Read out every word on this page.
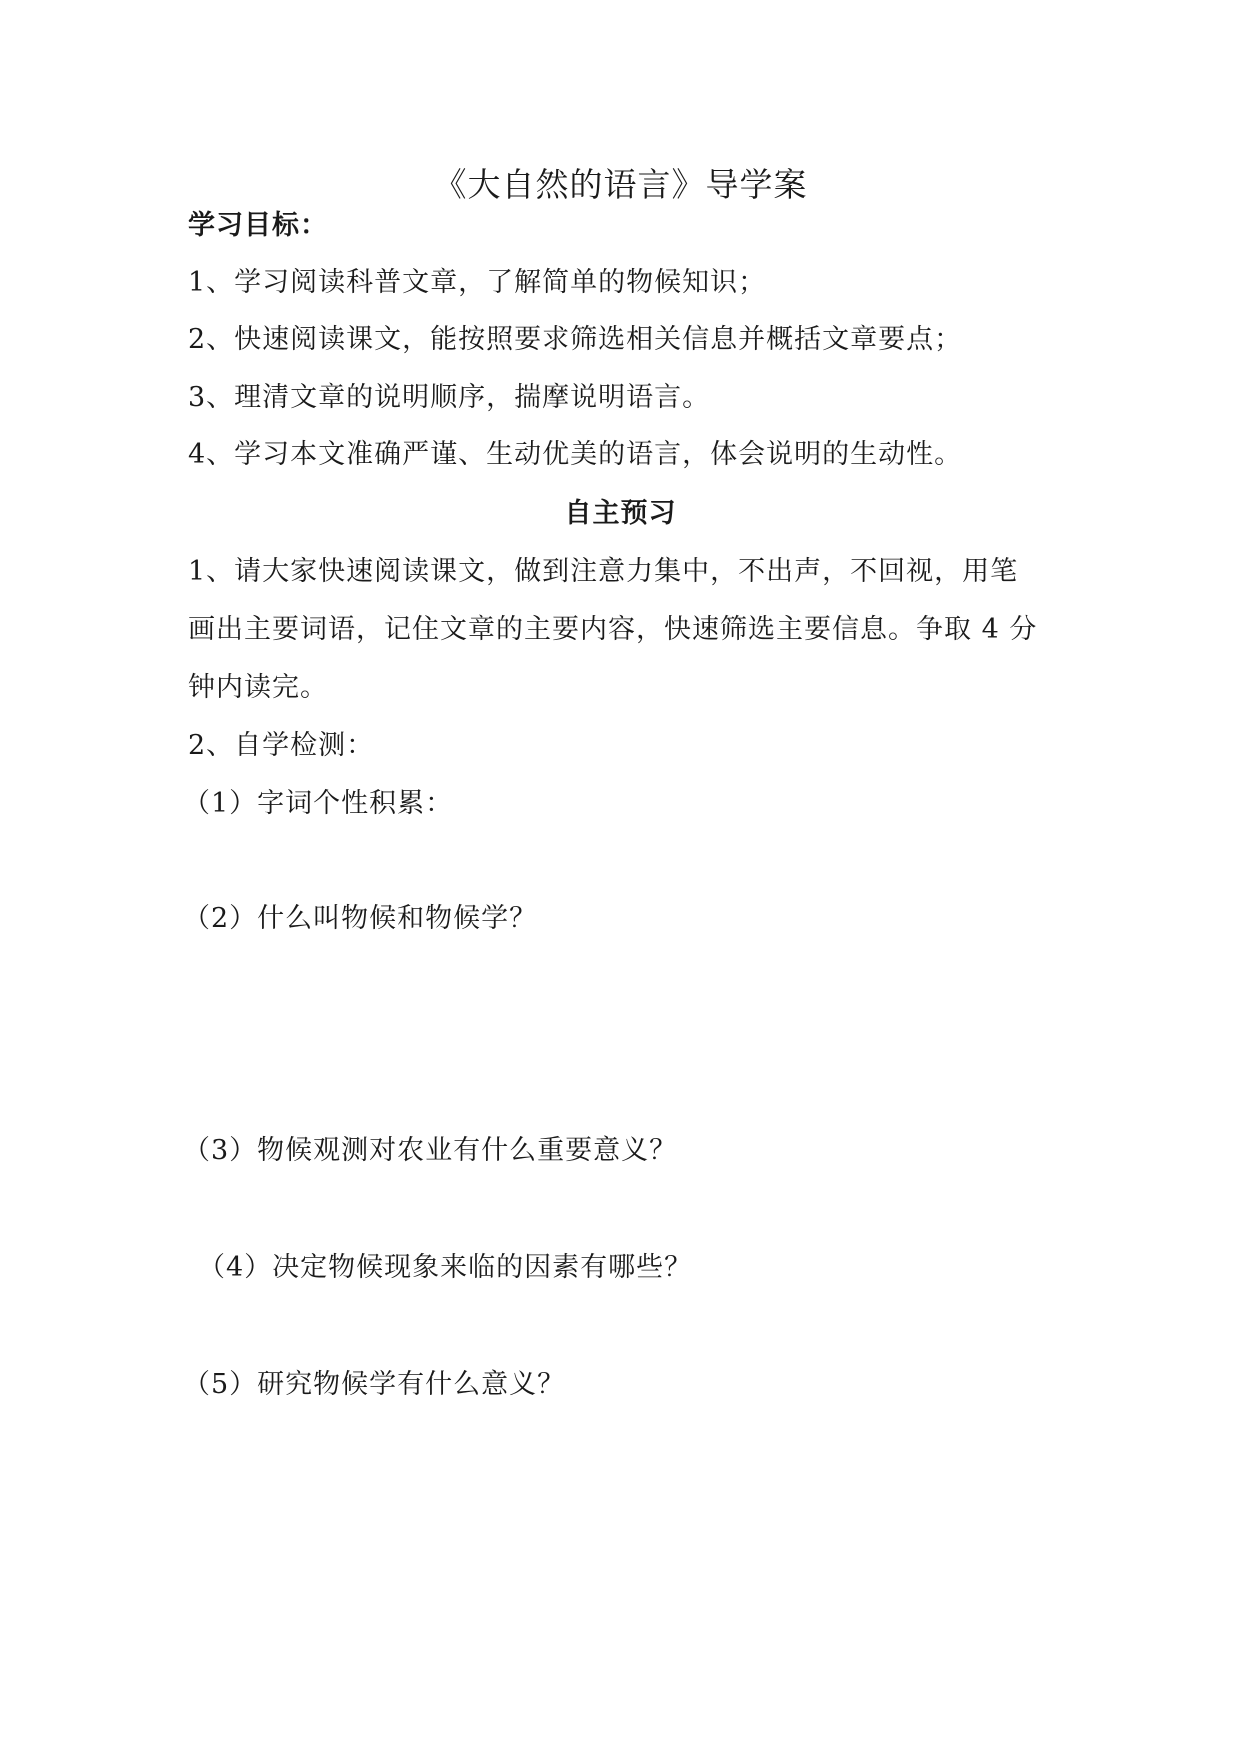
《大自然的语言》导学案
学习目标：
1、学习阅读科普文章，了解简单的物候知识；
2、快速阅读课文，能按照要求筛选相关信息并概括文章要点；
3、理清文章的说明顺序，揣摩说明语言。
4、学习本文准确严谨、生动优美的语言，体会说明的生动性。
自主预习
1、请大家快速阅读课文，做到注意力集中，不出声，不回视，用笔
画出主要词语，记住文章的主要内容，快速筛选主要信息。争取 4 分
钟内读完。
2、自学检测：
（1）字词个性积累：
（2）什么叫物候和物候学？
（3）物候观测对农业有什么重要意义？
（4）决定物候现象来临的因素有哪些？
（5）研究物候学有什么意义？
